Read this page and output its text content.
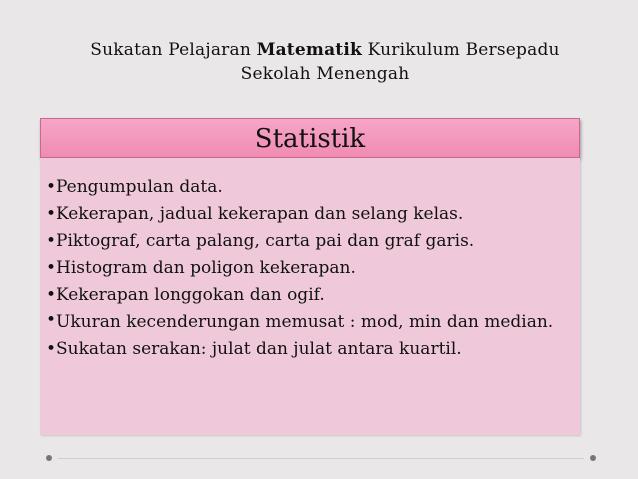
Sukatan Pelajaran Matematik Kurikulum Bersepadu
Sekolah Menengah
Statistik
• Pengumpulan data.
• Kekerapan, jadual kekerapan dan selang kelas.
• Piktograf, carta palang, carta pai dan graf garis.
• Histogram dan poligon kekerapan.
• Kekerapan longgokan dan ogif.
• Ukuran kecenderungan memusat : mod, min dan median.
• Sukatan serakan: julat dan julat antara kuartil.
